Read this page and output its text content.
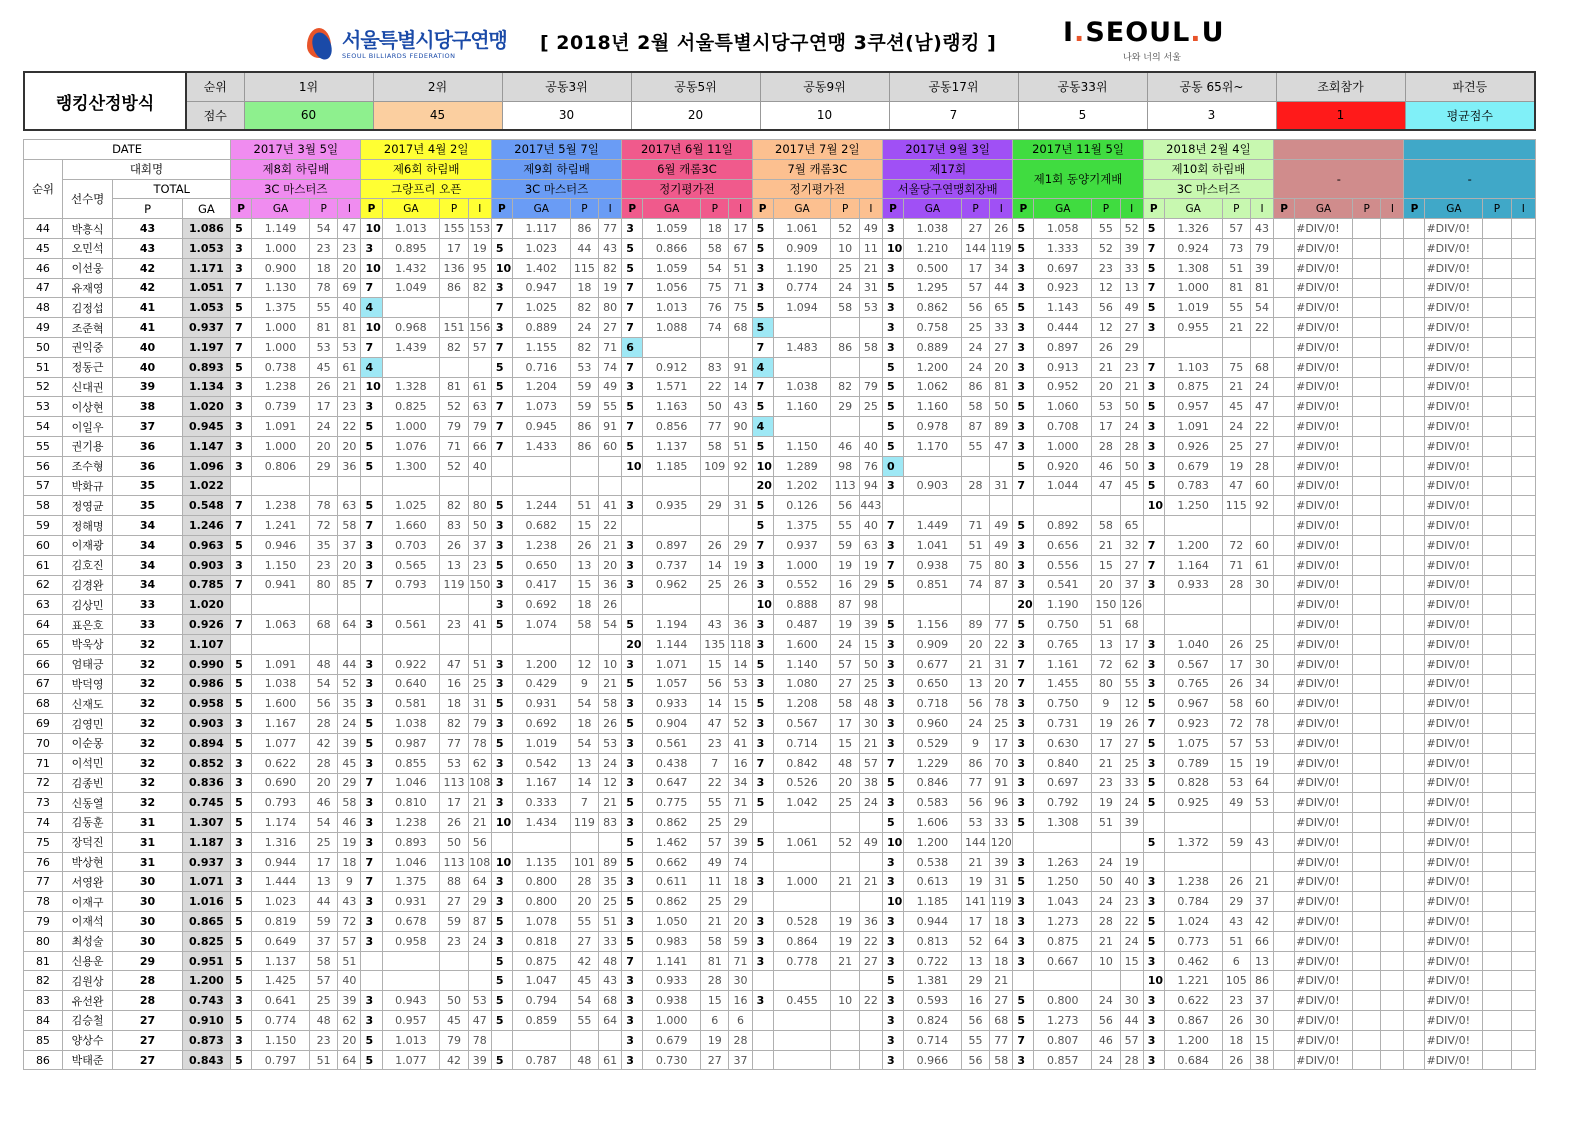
서울특별시당구연맹
SEOUL BILLIARDS FEDERATION
[ 2018년 2월 서울특별시당구연맹 3쿠션(남)랭킹 ] I.SEOUL.U
나와 너의 서울
랭킹산정방식	순위	1위	2위	공동3위	공동5위	공동9위	공동17위	공동33위	공동 65위~	조회참가	파견등
	점수	60	45	30	20	10	7	5	3	1	평균점수
DATE				2017년 3월 5일				2017년 4월 2일				2017년 5월 7일				2017년 6월 11일				2017년 7월 2일				2017년 9월 3일				2017년 11월 5일				2018년 2월 4일											
순위	대회명			제8회 하림배				제6회 하림배				제9회 하림배				6월 캐롬3C				7월 캐롬3C				제17회				제1회 동양기계배				제10회 하림배				-				-			
	선수명	TOTAL		3C 마스터즈				그랑프리 오픈				3C 마스터즈				정기평가전				정기평가전				서울당구연맹회장배								3C 마스터즈											
		P	GA	P	GA	P	I	P	GA	P	I	P	GA	P	I	P	GA	P	I	P	GA	P	I	P	GA	P	I	P	GA	P	I	P	GA	P	I	P	GA	P	I	P	GA	P	I
44	박흥식	43	1.086	5	1.149	54	47	10	1.013	155	153	7	1.117	86	77	3	1.059	18	17	5	1.061	52	49	3	1.038	27	26	5	1.058	55	52	5	1.326	57	43		#DIV/0!				#DIV/0!		
45	오민석	43	1.053	3	1.000	23	23	3	0.895	17	19	5	1.023	44	43	5	0.866	58	67	5	0.909	10	11	10	1.210	144	119	5	1.333	52	39	7	0.924	73	79		#DIV/0!				#DIV/0!		
46	이선웅	42	1.171	3	0.900	18	20	10	1.432	136	95	10	1.402	115	82	5	1.059	54	51	3	1.190	25	21	3	0.500	17	34	3	0.697	23	33	5	1.308	51	39		#DIV/0!				#DIV/0!		
47	유재영	42	1.051	7	1.130	78	69	7	1.049	86	82	3	0.947	18	19	7	1.056	75	71	3	0.774	24	31	5	1.295	57	44	3	0.923	12	13	7	1.000	81	81		#DIV/0!				#DIV/0!		
48	김정섭	41	1.053	5	1.375	55	40	4				7	1.025	82	80	7	1.013	76	75	5	1.094	58	53	3	0.862	56	65	5	1.143	56	49	5	1.019	55	54		#DIV/0!				#DIV/0!		
49	조준혁	41	0.937	7	1.000	81	81	10	0.968	151	156	3	0.889	24	27	7	1.088	74	68	5				3	0.758	25	33	3	0.444	12	27	3	0.955	21	22		#DIV/0!				#DIV/0!		
50	권익중	40	1.197	7	1.000	53	53	7	1.439	82	57	7	1.155	82	71	6				7	1.483	86	58	3	0.889	24	27	3	0.897	26	29						#DIV/0!				#DIV/0!		
51	정동근	40	0.893	5	0.738	45	61	4				5	0.716	53	74	7	0.912	83	91	4				5	1.200	24	20	3	0.913	21	23	7	1.103	75	68		#DIV/0!				#DIV/0!		
52	신대권	39	1.134	3	1.238	26	21	10	1.328	81	61	5	1.204	59	49	3	1.571	22	14	7	1.038	82	79	5	1.062	86	81	3	0.952	20	21	3	0.875	21	24		#DIV/0!				#DIV/0!		
53	이상현	38	1.020	3	0.739	17	23	3	0.825	52	63	7	1.073	59	55	5	1.163	50	43	5	1.160	29	25	5	1.160	58	50	5	1.060	53	50	5	0.957	45	47		#DIV/0!				#DIV/0!		
54	이일우	37	0.945	3	1.091	24	22	5	1.000	79	79	7	0.945	86	91	7	0.856	77	90	4				5	0.978	87	89	3	0.708	17	24	3	1.091	24	22		#DIV/0!				#DIV/0!		
55	권기용	36	1.147	3	1.000	20	20	5	1.076	71	66	7	1.433	86	60	5	1.137	58	51	5	1.150	46	40	5	1.170	55	47	3	1.000	28	28	3	0.926	25	27		#DIV/0!				#DIV/0!		
56	조수형	36	1.096	3	0.806	29	36	5	1.300	52	40					10	1.185	109	92	10	1.289	98	76	0				5	0.920	46	50	3	0.679	19	28		#DIV/0!				#DIV/0!		
57	박화규	35	1.022																	20	1.202	113	94	3	0.903	28	31	7	1.044	47	45	5	0.783	47	60		#DIV/0!				#DIV/0!		
58	정영균	35	0.548	7	1.238	78	63	5	1.025	82	80	5	1.244	51	41	3	0.935	29	31	5	0.126	56	443									10	1.250	115	92		#DIV/0!				#DIV/0!		
59	정해명	34	1.246	7	1.241	72	58	7	1.660	83	50	3	0.682	15	22					5	1.375	55	40	7	1.449	71	49	5	0.892	58	65						#DIV/0!				#DIV/0!		
60	이재광	34	0.963	5	0.946	35	37	3	0.703	26	37	3	1.238	26	21	3	0.897	26	29	7	0.937	59	63	3	1.041	51	49	3	0.656	21	32	7	1.200	72	60		#DIV/0!				#DIV/0!		
61	김호진	34	0.903	3	1.150	23	20	3	0.565	13	23	5	0.650	13	20	3	0.737	14	19	3	1.000	19	19	7	0.938	75	80	3	0.556	15	27	7	1.164	71	61		#DIV/0!				#DIV/0!		
62	김경완	34	0.785	7	0.941	80	85	7	0.793	119	150	3	0.417	15	36	3	0.962	25	26	3	0.552	16	29	5	0.851	74	87	3	0.541	20	37	3	0.933	28	30		#DIV/0!				#DIV/0!		
63	김상민	33	1.020									3	0.692	18	26					10	0.888	87	98					20	1.190	150	126						#DIV/0!				#DIV/0!		
64	표은호	33	0.926	7	1.063	68	64	3	0.561	23	41	5	1.074	58	54	5	1.194	43	36	3	0.487	19	39	5	1.156	89	77	5	0.750	51	68						#DIV/0!				#DIV/0!		
65	박욱상	32	1.107													20	1.144	135	118	3	1.600	24	15	3	0.909	20	22	3	0.765	13	17	3	1.040	26	25		#DIV/0!				#DIV/0!		
66	엄태긍	32	0.990	5	1.091	48	44	3	0.922	47	51	3	1.200	12	10	3	1.071	15	14	5	1.140	57	50	3	0.677	21	31	7	1.161	72	62	3	0.567	17	30		#DIV/0!				#DIV/0!		
67	박덕영	32	0.986	5	1.038	54	52	3	0.640	16	25	3	0.429	9	21	5	1.057	56	53	3	1.080	27	25	3	0.650	13	20	7	1.455	80	55	3	0.765	26	34		#DIV/0!				#DIV/0!		
68	신재도	32	0.958	5	1.600	56	35	3	0.581	18	31	5	0.931	54	58	3	0.933	14	15	5	1.208	58	48	3	0.718	56	78	3	0.750	9	12	5	0.967	58	60		#DIV/0!				#DIV/0!		
69	김영민	32	0.903	3	1.167	28	24	5	1.038	82	79	3	0.692	18	26	5	0.904	47	52	3	0.567	17	30	3	0.960	24	25	3	0.731	19	26	7	0.923	72	78		#DIV/0!				#DIV/0!		
70	이순몽	32	0.894	5	1.077	42	39	5	0.987	77	78	5	1.019	54	53	3	0.561	23	41	3	0.714	15	21	3	0.529	9	17	3	0.630	17	27	5	1.075	57	53		#DIV/0!				#DIV/0!		
71	이석민	32	0.852	3	0.622	28	45	3	0.855	53	62	3	0.542	13	24	3	0.438	7	16	7	0.842	48	57	7	1.229	86	70	3	0.840	21	25	3	0.789	15	19		#DIV/0!				#DIV/0!		
72	김종빈	32	0.836	3	0.690	20	29	7	1.046	113	108	3	1.167	14	12	3	0.647	22	34	3	0.526	20	38	5	0.846	77	91	3	0.697	23	33	5	0.828	53	64		#DIV/0!				#DIV/0!		
73	신동열	32	0.745	5	0.793	46	58	3	0.810	17	21	3	0.333	7	21	5	0.775	55	71	5	1.042	25	24	3	0.583	56	96	3	0.792	19	24	5	0.925	49	53		#DIV/0!				#DIV/0!		
74	김동훈	31	1.307	5	1.174	54	46	3	1.238	26	21	10	1.434	119	83	3	0.862	25	29					5	1.606	53	33	5	1.308	51	39						#DIV/0!				#DIV/0!		
75	장덕진	31	1.187	3	1.316	25	19	3	0.893	50	56					5	1.462	57	39	5	1.061	52	49	10	1.200	144	120					5	1.372	59	43		#DIV/0!				#DIV/0!		
76	박상현	31	0.937	3	0.944	17	18	7	1.046	113	108	10	1.135	101	89	5	0.662	49	74					3	0.538	21	39	3	1.263	24	19						#DIV/0!				#DIV/0!		
77	서영완	30	1.071	3	1.444	13	9	7	1.375	88	64	3	0.800	28	35	3	0.611	11	18	3	1.000	21	21	3	0.613	19	31	5	1.250	50	40	3	1.238	26	21		#DIV/0!				#DIV/0!		
78	이재구	30	1.016	5	1.023	44	43	3	0.931	27	29	3	0.800	20	25	5	0.862	25	29					10	1.185	141	119	3	1.043	24	23	3	0.784	29	37		#DIV/0!				#DIV/0!		
79	이재석	30	0.865	5	0.819	59	72	3	0.678	59	87	5	1.078	55	51	3	1.050	21	20	3	0.528	19	36	3	0.944	17	18	3	1.273	28	22	5	1.024	43	42		#DIV/0!				#DIV/0!		
80	최성술	30	0.825	5	0.649	37	57	3	0.958	23	24	3	0.818	27	33	5	0.983	58	59	3	0.864	19	22	3	0.813	52	64	3	0.875	21	24	5	0.773	51	66		#DIV/0!				#DIV/0!		
81	신용운	29	0.951	5	1.137	58	51					5	0.875	42	48	7	1.141	81	71	3	0.778	21	27	3	0.722	13	18	3	0.667	10	15	3	0.462	6	13		#DIV/0!				#DIV/0!		
82	김원상	28	1.200	5	1.425	57	40					5	1.047	45	43	3	0.933	28	30					5	1.381	29	21					10	1.221	105	86		#DIV/0!				#DIV/0!		
83	유선완	28	0.743	3	0.641	25	39	3	0.943	50	53	5	0.794	54	68	3	0.938	15	16	3	0.455	10	22	3	0.593	16	27	5	0.800	24	30	3	0.622	23	37		#DIV/0!				#DIV/0!		
84	김승철	27	0.910	5	0.774	48	62	3	0.957	45	47	5	0.859	55	64	3	1.000	6	6					3	0.824	56	68	5	1.273	56	44	3	0.867	26	30		#DIV/0!				#DIV/0!		
85	양상수	27	0.873	3	1.150	23	20	5	1.013	79	78					3	0.679	19	28					3	0.714	55	77	7	0.807	46	57	3	1.200	18	15		#DIV/0!				#DIV/0!		
86	박태준	27	0.843	5	0.797	51	64	5	1.077	42	39	5	0.787	48	61	3	0.730	27	37					3	0.966	56	58	3	0.857	24	28	3	0.684	26	38		#DIV/0!				#DIV/0!		
